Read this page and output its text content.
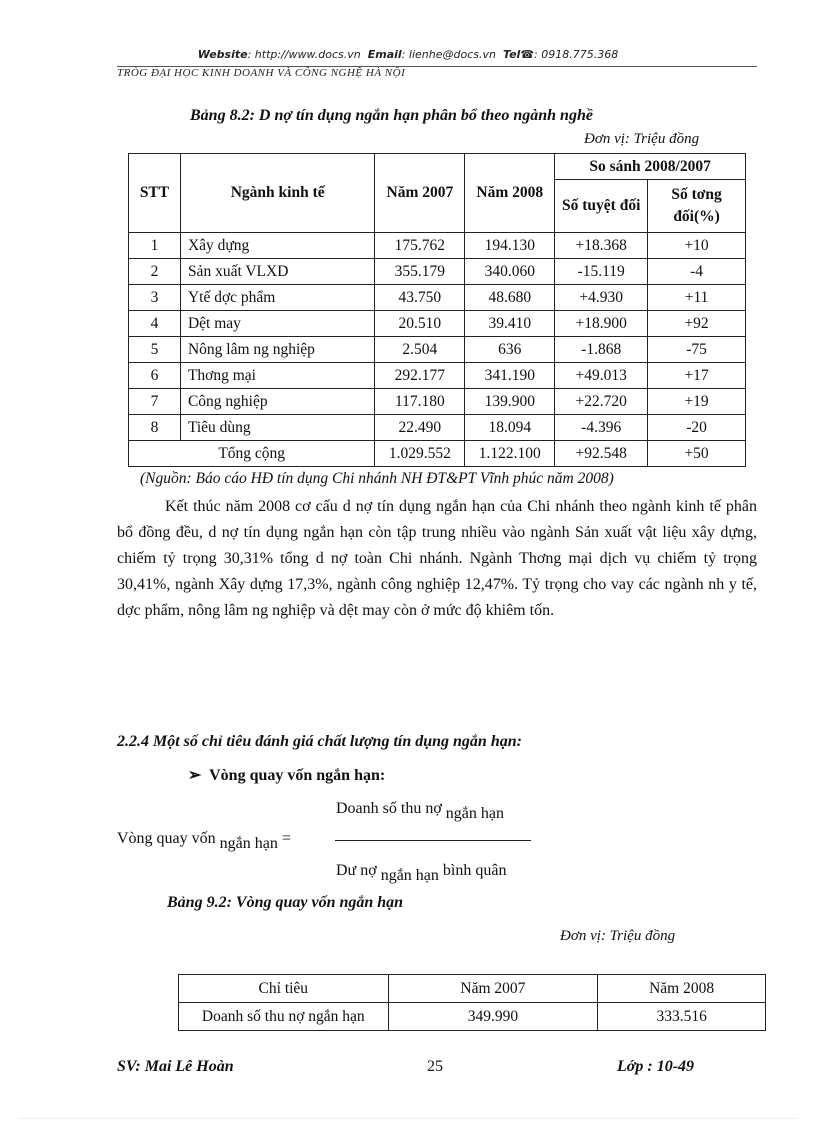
Website: http://www.docs.vn Email: lienhe@docs.vn Tel☎: 0918.775.368
TRÒG ĐẠI HỌC KINH DOANH VÀ CÔNG NGHỆ HÀ NỘI
Bảng 8.2: D nợ tín dụng ngắn hạn phân bổ theo ngành nghề
Đơn vị: Triệu đồng
STT	Ngành kinh tế	Năm 2007	Năm 2008	So sánh 2008/2007	
				Số tuyệt đối	Số tơng đối(%)
1	Xây dựng	175.762	194.130	+18.368	+10
2	Sản xuất VLXD	355.179	340.060	-15.119	-4
3	Ytế dợc phẩm	43.750	48.680	+4.930	+11
4	Dệt may	20.510	39.410	+18.900	+92
5	Nông lâm ng nghiệp	2.504	636	-1.868	-75
6	Thơng mại	292.177	341.190	+49.013	+17
7	Công nghiệp	117.180	139.900	+22.720	+19
8	Tiêu dùng	22.490	18.094	-4.396	-20
Tổng cộng		1.029.552	1.122.100	+92.548	+50
(Nguồn: Báo cáo HĐ tín dụng Chi nhánh NH ĐT&PT Vĩnh phúc năm 2008)
Kết thúc năm 2008 cơ cấu d nợ tín dụng ngắn hạn của Chi nhánh theo ngành kinh tế phân bổ đồng đều, d nợ tín dụng ngắn hạn còn tập trung nhiều vào ngành Sản xuất vật liệu xây dựng, chiếm tỷ trọng 30,31% tổng d nợ toàn Chi nhánh. Ngành Thơng mại dịch vụ chiếm tỷ trọng 30,41%, ngành Xây dựng 17,3%, ngành công nghiệp 12,47%. Tỷ trọng cho vay các ngành nh y tế, dợc phẩm, nông lâm ng nghiệp và dệt may còn ở mức độ khiêm tốn.
2.2.4 Một số chỉ tiêu đánh giá chất lượng tín dụng ngắn hạn:
➢ Vòng quay vốn ngắn hạn:
Doanh số thu nợ ngắn hạn
Vòng quay vốn ngắn hạn =
Dư nợ ngắn hạn bình quân
Bảng 9.2: Vòng quay vốn ngắn hạn
Đơn vị: Triệu đồng
Chỉ tiêu	Năm 2007	Năm 2008
Doanh số thu nợ ngắn hạn	349.990	333.516
SV: Mai Lê Hoàn	25	Lớp : 10-49
